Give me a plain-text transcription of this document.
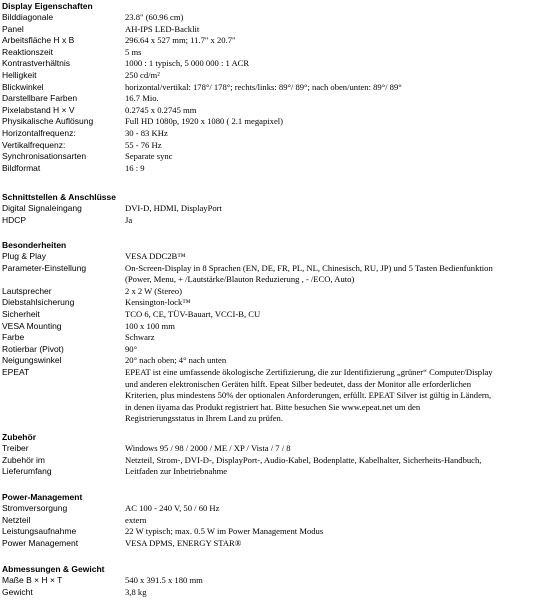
Display Eigenschaften
Bilddiagonale	23.8" (60.96 cm)
Panel	AH-IPS LED-Backlit
Arbeitsfläche H x B	296.64 x 527 mm; 11.7" x 20.7"
Reaktionszeit	5 ms
Kontrastverhältnis	1000 : 1 typisch, 5 000 000 : 1 ACR
Helligkeit	250 cd/m²
Blickwinkel	horizontal/vertikal: 178°/ 178°; rechts/links: 89°/ 89°; nach oben/unten: 89°/ 89°
Darstellbare Farben	16.7 Mio.
Pixelabstand H × V	0.2745 x 0.2745 mm
Physikalische Auflösung	Full HD 1080p, 1920 x 1080 ( 2.1 megapixel)
Horizontalfrequenz:	30 - 83 KHz
Vertikalfrequenz:	55 - 76 Hz
Synchronisationsarten	Separate sync
Bildformat	16 : 9
Schnittstellen & Anschlüsse
Digital Signaleingang	DVI-D, HDMI, DisplayPort
HDCP	Ja
Besonderheiten
Plug & Play	VESA DDC2B™
Parameter-Einstellung	On-Screen-Display in 8 Sprachen (EN, DE, FR, PL, NL, Chinesisch, RU, JP) und 5 Tasten Bedienfunktion
(Power, Menu, + /Lautstärke/Blauton Reduzierung , - /ECO, Auto)
Lautsprecher	2 x 2 W (Stereo)
Diebstahlsicherung	Kensington-lock™
Sicherheit	TCO 6, CE, TÜV-Bauart, VCCI-B, CU
VESA Mounting	100 x 100 mm
Farbe	Schwarz
Rotierbar (Pivot)	90°
Neigungswinkel	20° nach oben; 4° nach unten
EPEAT	EPEAT ist eine umfassende ökologische Zertifizierung, die zur Identifizierung „grüner“ Computer/Display
und anderen elektronischen Geräten hilft. Epeat Silber bedeutet, dass der Monitor alle erforderlichen
Kriterien, plus mindestens 50% der optionalen Anforderungen, erfüllt. EPEAT Silver ist gültig in Ländern,
in denen iiyama das Produkt registriert hat. Bitte besuchen Sie www.epeat.net um den
Registrierungsstatus in Ihrem Land zu prüfen.
Zubehör
Treiber	Windows 95 / 98 / 2000 / ME / XP / Vista / 7 / 8
Zubehör im	Netzteil, Strom-, DVI-D-, DisplayPort-, Audio-Kabel, Bodenplatte, Kabelhalter, Sicherheits-Handbuch,
Lieferumfang	Leitfaden zur Inbetriebnahme
Power-Management
Stromversorgung	AC 100 - 240 V, 50 / 60 Hz
Netzteil	extern
Leistungsaufnahme	22 W typisch; max. 0.5 W im Power Management Modus
Power Management	VESA DPMS, ENERGY STAR®
Abmessungen & Gewicht
Maße B × H × T	540 x 391.5 x 180 mm
Gewicht	3,8 kg
